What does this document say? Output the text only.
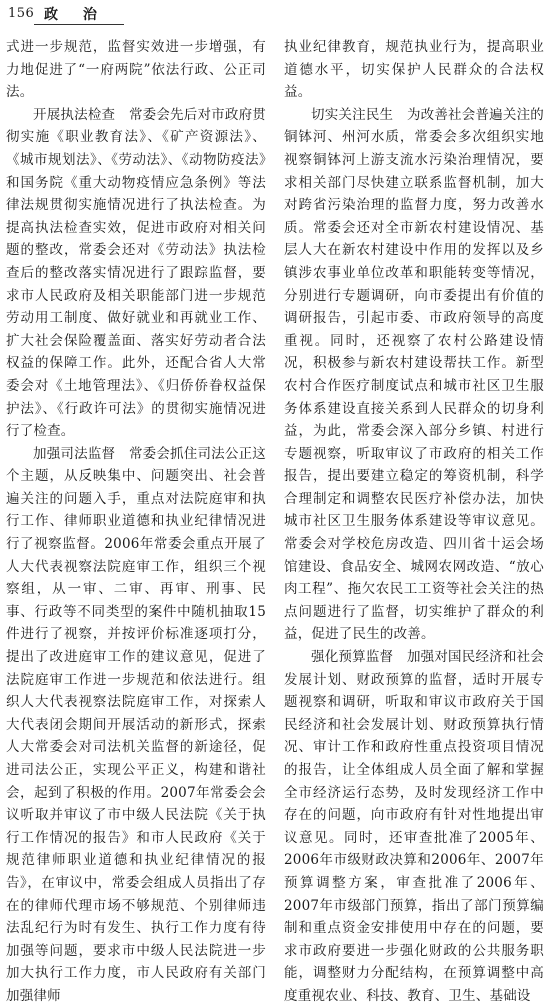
156 政 治

式进一步规范，监督实效进一步增强，有力地促进了“一府两院”依法行政、公正司法。

开展执法检查　常委会先后对市政府贯彻实施《职业教育法》、《矿产资源法》、《城市规划法》、《劳动法》、《动物防疫法》和国务院《重大动物疫情应急条例》等法律法规贯彻实施情况进行了执法检查。为提高执法检查实效，促进市政府对相关问题的整改，常委会还对《劳动法》执法检查后的整改落实情况进行了跟踪监督，要求市人民政府及相关职能部门进一步规范劳动用工制度、做好就业和再就业工作、扩大社会保险覆盖面、落实好劳动者合法权益的保障工作。此外，还配合省人大常委会对《土地管理法》、《归侨侨眷权益保护法》、《行政许可法》的贯彻实施情况进行了检查。

加强司法监督　常委会抓住司法公正这个主题，从反映集中、问题突出、社会普遍关注的问题入手，重点对法院庭审和执行工作、律师职业道德和执业纪律情况进行了视察监督。2006年常委会重点开展了人大代表视察法院庭审工作，组织三个视察组，从一审、二审、再审、刑事、民事、行政等不同类型的案件中随机抽取15件进行了视察，并按评价标准逐项打分，提出了改进庭审工作的建议意见，促进了法院庭审工作进一步规范和依法进行。组织人大代表视察法院庭审工作，对探索人大代表闭会期间开展活动的新形式，探索人大常委会对司法机关监督的新途径，促进司法公正，实现公平正义，构建和谐社会，起到了积极的作用。2007年常委会会议听取并审议了市中级人民法院《关于执行工作情况的报告》和市人民政府《关于规范律师职业道德和执业纪律情况的报告》，在审议中，常委会组成人员指出了存在的律师代理市场不够规范、个别律师违法乱纪行为时有发生、执行工作力度有待加强等问题，要求市中级人民法院进一步加大执行工作力度，市人民政府有关部门加强律师

执业纪律教育，规范执业行为，提高职业道德水平，切实保护人民群众的合法权益。

切实关注民生　为改善社会普遍关注的铜钵河、州河水质，常委会多次组织实地视察铜钵河上游支流水污染治理情况，要求相关部门尽快建立联系监督机制，加大对跨省污染治理的监督力度，努力改善水质。常委会还对全市新农村建设情况、基层人大在新农村建设中作用的发挥以及乡镇涉农事业单位改革和职能转变等情况，分别进行专题调研，向市委提出有价值的调研报告，引起市委、市政府领导的高度重视。同时，还视察了农村公路建设情况，积极参与新农村建设帮扶工作。新型农村合作医疗制度试点和城市社区卫生服务体系建设直接关系到人民群众的切身利益，为此，常委会深入部分乡镇、村进行专题视察，听取审议了市政府的相关工作报告，提出要建立稳定的筹资机制，科学合理制定和调整农民医疗补偿办法，加快城市社区卫生服务体系建设等审议意见。常委会对学校危房改造、四川省十运会场馆建设、食品安全、城网农网改造、“放心肉工程”、拖欠农民工工资等社会关注的热点问题进行了监督，切实维护了群众的利益，促进了民生的改善。

强化预算监督　加强对国民经济和社会发展计划、财政预算的监督，适时开展专题视察和调研，听取和审议市政府关于国民经济和社会发展计划、财政预算执行情况、审计工作和政府性重点投资项目情况的报告，让全体组成人员全面了解和掌握全市经济运行态势，及时发现经济工作中存在的问题，向市政府有针对性地提出审议意见。同时，还审查批准了2005年、2006年市级财政决算和2006年、2007年预算调整方案，审查批准了2006年、2007年市级部门预算，指出了部门预算编制和重点资金安排使用中存在的问题，要求市政府要进一步强化财政的公共服务职能，调整财力分配结构，在预算调整中高度重视农业、科技、教育、卫生、基础设
